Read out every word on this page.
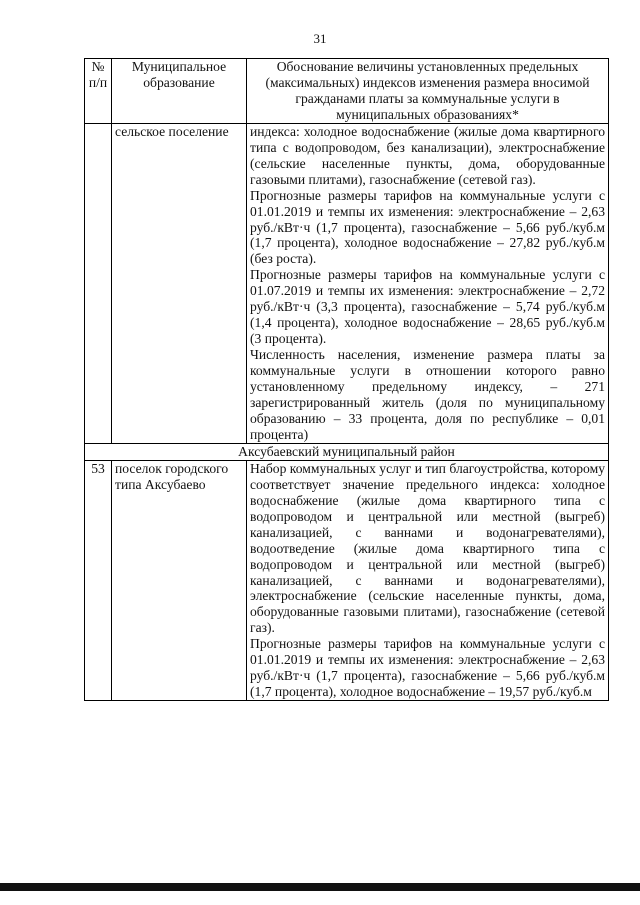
31
№ п/п	Муниципальное образование	Обоснование величины установленных предельных (максимальных) индексов изменения размера вносимой гражданами платы за коммунальные услуги в муниципальных образованиях*
	сельское поселение	индекса: холодное водоснабжение (жилые дома квартирного типа с водопроводом, без канализации), электроснабжение (сельские населенные пункты, дома, оборудованные газовыми плитами), газоснабжение (сетевой газ).

Прогнозные размеры тарифов на коммунальные услуги с 01.01.2019 и темпы их изменения: электроснабжение – 2,63 руб./кВт·ч (1,7 процента), газоснабжение – 5,66 руб./куб.м (1,7 процента), холодное водоснабжение – 27,82 руб./куб.м (без роста).

Прогнозные размеры тарифов на коммунальные услуги с 01.07.2019 и темпы их изменения: электроснабжение – 2,72 руб./кВт·ч (3,3 процента), газоснабжение – 5,74 руб./куб.м (1,4 процента), холодное водоснабжение – 28,65 руб./куб.м (3 процента).

Численность населения, изменение размера платы за коммунальные услуги в отношении которого равно установленному предельному индексу, – 271 зарегистрированный житель (доля по муниципальному образованию – 33 процента, доля по республике – 0,01 процента)

Аксубаевский муниципальный район		
53	поселок городского типа Аксубаево	Набор коммунальных услуг и тип благоустройства, которому соответствует значение предельного индекса: холодное водоснабжение (жилые дома квартирного типа с водопроводом и центральной или местной (выгреб) канализацией, с ваннами и водонагревателями), водоотведение (жилые дома квартирного типа с водопроводом и центральной или местной (выгреб) канализацией, с ваннами и водонагревателями), электроснабжение (сельские населенные пункты, дома, оборудованные газовыми плитами), газоснабжение (сетевой газ).

Прогнозные размеры тарифов на коммунальные услуги с 01.01.2019 и темпы их изменения: электроснабжение – 2,63 руб./кВт·ч (1,7 процента), газоснабжение – 5,66 руб./куб.м (1,7 процента), холодное водоснабжение – 19,57 руб./куб.м
